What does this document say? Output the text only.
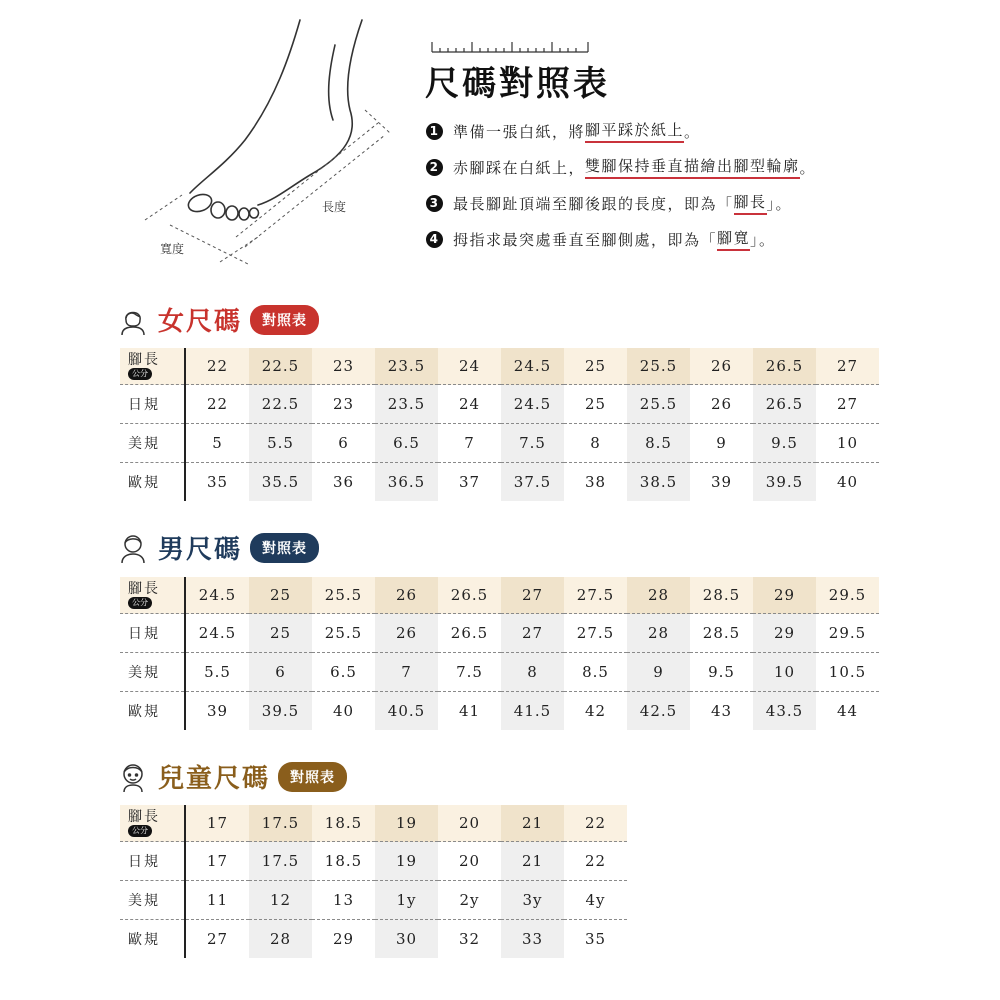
長度
寬度
尺碼對照表
1 準備一張白紙，將 腳平踩於紙上 。
2 赤腳踩在白紙上， 雙腳保持垂直描繪出腳型輪廓 。
3 最長腳趾頂端至腳後跟的長度，即為「 腳長 」。
4 拇指求最突處垂直至腳側處，即為「 腳寬 」。
女尺碼	對照表
腳長
公分	22	22.5	23	23.5	24	24.5	25	25.5	26	26.5	27
日規	22	22.5	23	23.5	24	24.5	25	25.5	26	26.5	27
美規	5	5.5	6	6.5	7	7.5	8	8.5	9	9.5	10
歐規	35	35.5	36	36.5	37	37.5	38	38.5	39	39.5	40
男尺碼	對照表
腳長
公分	24.5	25	25.5	26	26.5	27	27.5	28	28.5	29	29.5
日規	24.5	25	25.5	26	26.5	27	27.5	28	28.5	29	29.5
美規	5.5	6	6.5	7	7.5	8	8.5	9	9.5	10	10.5
歐規	39	39.5	40	40.5	41	41.5	42	42.5	43	43.5	44
兒童尺碼	對照表
腳長
公分	17	17.5	18.5	19	20	21	22
日規	17	17.5	18.5	19	20	21	22
美規	11	12	13	1y	2y	3y	4y
歐規	27	28	29	30	32	33	35
